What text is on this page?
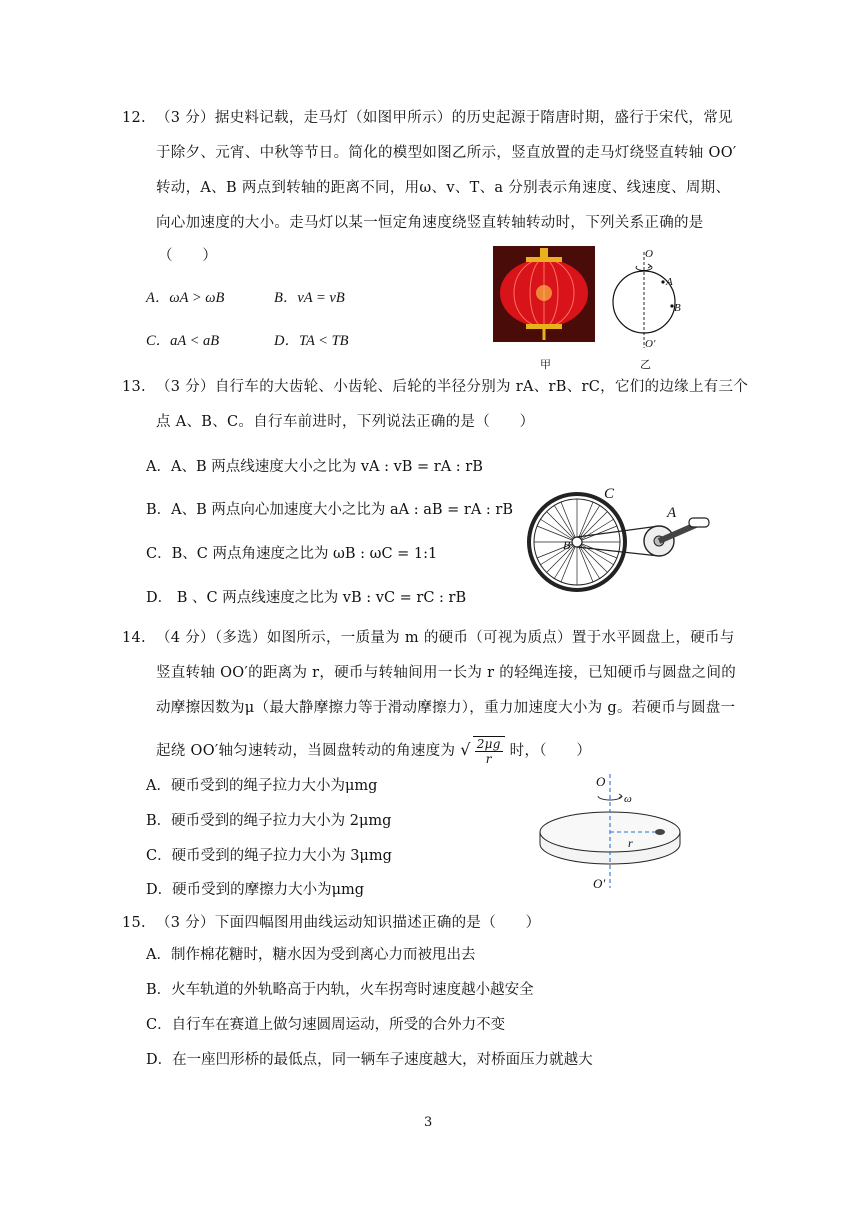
12. （3 分）据史料记载，走马灯（如图甲所示）的历史起源于隋唐时期，盛行于宋代，常见
于除夕、元宵、中秋等节日。简化的模型如图乙所示，竖直放置的走马灯绕竖直转轴 OO′
转动，A、B 两点到转轴的距离不同，用ω、v、T、a 分别表示角速度、线速度、周期、
向心加速度的大小。走马灯以某一恒定角速度绕竖直转轴转动时，下列关系正确的是
（　　）
A．ωA > ωB	B．vA = vB
C．aA < aB	D．TA < TB
甲
O
A
B
O′
乙
13. （3 分）自行车的大齿轮、小齿轮、后轮的半径分别为 rA、rB、rC，它们的边缘上有三个
点 A、B、C。自行车前进时，下列说法正确的是（　　）
A．A、B 两点线速度大小之比为 vA : vB = rA : rB
B．A、B 两点向心加速度大小之比为 aA : aB = rA : rB
C．B、C 两点角速度之比为 ωB : ωC = 1:1
D． B 、C 两点线速度之比为 vB : vC = rC : rB
C
A
B
14. （4 分）（多选）如图所示，一质量为 m 的硬币（可视为质点）置于水平圆盘上，硬币与
竖直转轴 OO′的距离为 r，硬币与转轴间用一长为 r 的轻绳连接，已知硬币与圆盘之间的
动摩擦因数为μ（最大静摩擦力等于滑动摩擦力），重力加速度大小为 g。若硬币与圆盘一
起绕 OO′轴匀速转动，当圆盘转动的角速度为 √ $\frac{2\mu g}{r}$ 时，（　　）
A．硬币受到的绳子拉力大小为μmg
B．硬币受到的绳子拉力大小为 2μmg
C．硬币受到的绳子拉力大小为 3μmg
D．硬币受到的摩擦力大小为μmg
O
ω
r
O′
15. （3 分）下面四幅图用曲线运动知识描述正确的是（　　）
A．制作棉花糖时，糖水因为受到离心力而被甩出去
B．火车轨道的外轨略高于内轨，火车拐弯时速度越小越安全
C．自行车在赛道上做匀速圆周运动，所受的合外力不变
D．在一座凹形桥的最低点，同一辆车子速度越大，对桥面压力就越大
3
